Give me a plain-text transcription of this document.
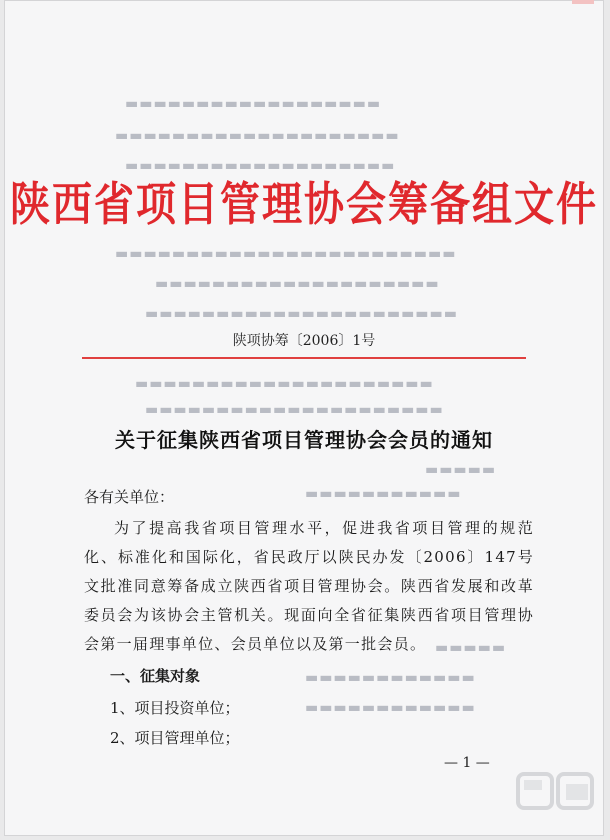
▬▬▬▬▬▬▬▬▬▬▬▬▬▬▬▬▬▬
▬▬▬▬▬▬▬▬▬▬▬▬▬▬▬▬▬▬▬▬
▬▬▬▬▬▬▬▬▬▬▬▬▬▬▬▬▬▬▬
▬▬▬▬▬▬▬▬▬▬▬▬▬▬▬▬▬▬▬▬▬▬▬▬
▬▬▬▬▬▬▬▬▬▬▬▬▬▬▬▬▬▬▬▬
▬▬▬▬▬▬▬▬▬▬▬▬▬▬▬▬▬▬▬▬▬▬
▬▬▬▬▬▬▬▬▬▬▬▬▬▬▬▬▬▬▬▬▬
▬▬▬▬▬▬▬▬▬▬▬▬▬▬▬▬▬▬▬▬▬
▬▬▬▬▬
▬▬▬▬▬▬▬▬▬▬▬
▬▬▬▬▬
▬▬▬▬▬▬▬▬▬▬▬▬
▬▬▬▬▬▬▬▬▬▬▬▬
陕西省项目管理协会筹备组文件
陕项协筹〔2006〕1号
关于征集陕西省项目管理协会会员的通知
各有关单位：
为了提高我省项目管理水平，促进我省项目管理的规范化、标准化和国际化，省民政厅以陕民办发〔2006〕147号文批准同意筹备成立陕西省项目管理协会。陕西省发展和改革委员会为该协会主管机关。现面向全省征集陕西省项目管理协会第一届理事单位、会员单位以及第一批会员。
一、征集对象
1、项目投资单位；
2、项目管理单位；
— 1 —
